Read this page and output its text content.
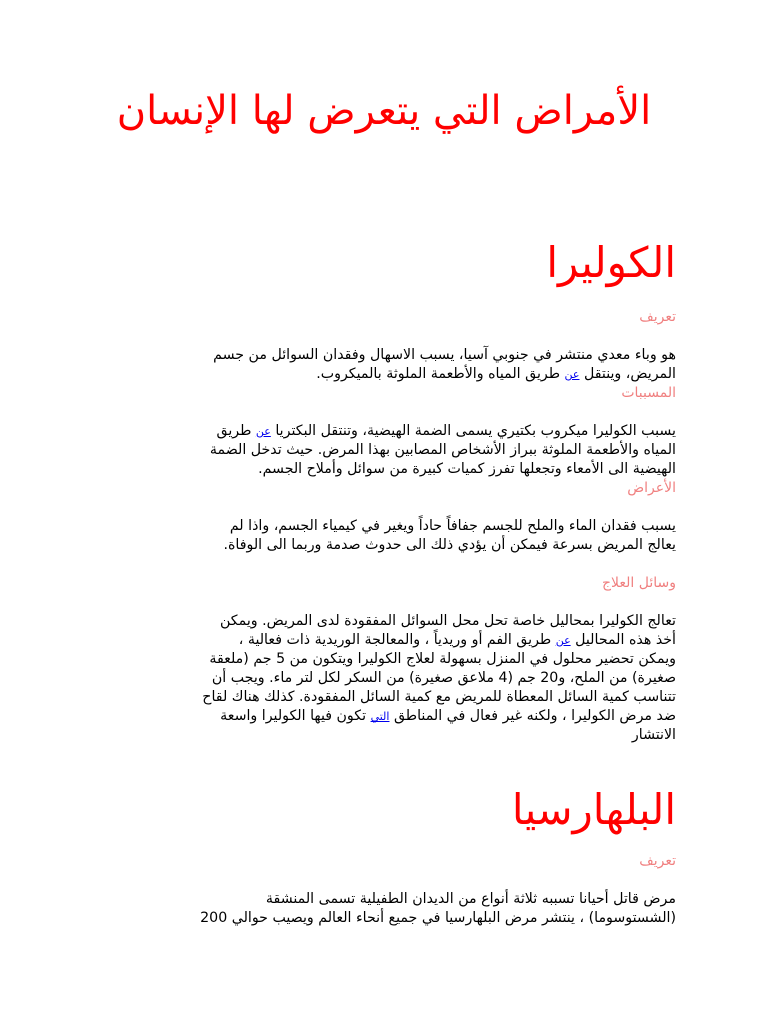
الأمراض التي يتعرض لها الإنسان
الكوليرا
تعريف

هو وباء معدي منتشر في جنوبي آسيا، يسبب الاسهال وفقدان السوائل من جسم
المريض، وينتقل عن طريق المياه والأطعمة الملوثة بالميكروب.

المسببات

يسبب الكوليرا ميكروب بكتيري يسمى الضمة الهيضية، وتنتقل البكتريا عن طريق
المياه والأطعمة الملوثة ببراز الأشخاص المصابين بهذا المرض. حيث تدخل الضمة
الهيضية الى الأمعاء وتجعلها تفرز كميات كبيرة من سوائل وأملاح الجسم.

الأعراض

يسبب فقدان الماء والملح للجسم جفافاً حاداً ويغير في كيمياء الجسم، واذا لم
يعالج المريض بسرعة فيمكن أن يؤدي ذلك الى حدوث صدمة وربما الى الوفاة.

وسائل العلاج

تعالج الكوليرا بمحاليل خاصة تحل محل السوائل المفقودة لدى المريض. ويمكن
أخذ هذه المحاليل عن طريق الفم أو وريدياً ، والمعالجة الوريدية ذات فعالية ،
ويمكن تحضير محلول في المنزل بسهولة لعلاج الكوليرا ويتكون من 5 جم (ملعقة
صغيرة) من الملح، و20 جم (4 ملاعق صغيرة) من السكر لكل لتر ماء. ويجب أن
تتناسب كمية السائل المعطاة للمريض مع كمية السائل المفقودة. كذلك هناك لقاح
ضد مرض الكوليرا ، ولكنه غير فعال في المناطق التي تكون فيها الكوليرا واسعة
الانتشار

البلهارسيا
تعريف

مرض قاتل أحيانا تسببه ثلاثة أنواع من الديدان الطفيلية تسمى المنشقة
(الشستوسوما) ، ينتشر مرض البلهارسيا في جميع أنحاء العالم ويصيب حوالي 200
